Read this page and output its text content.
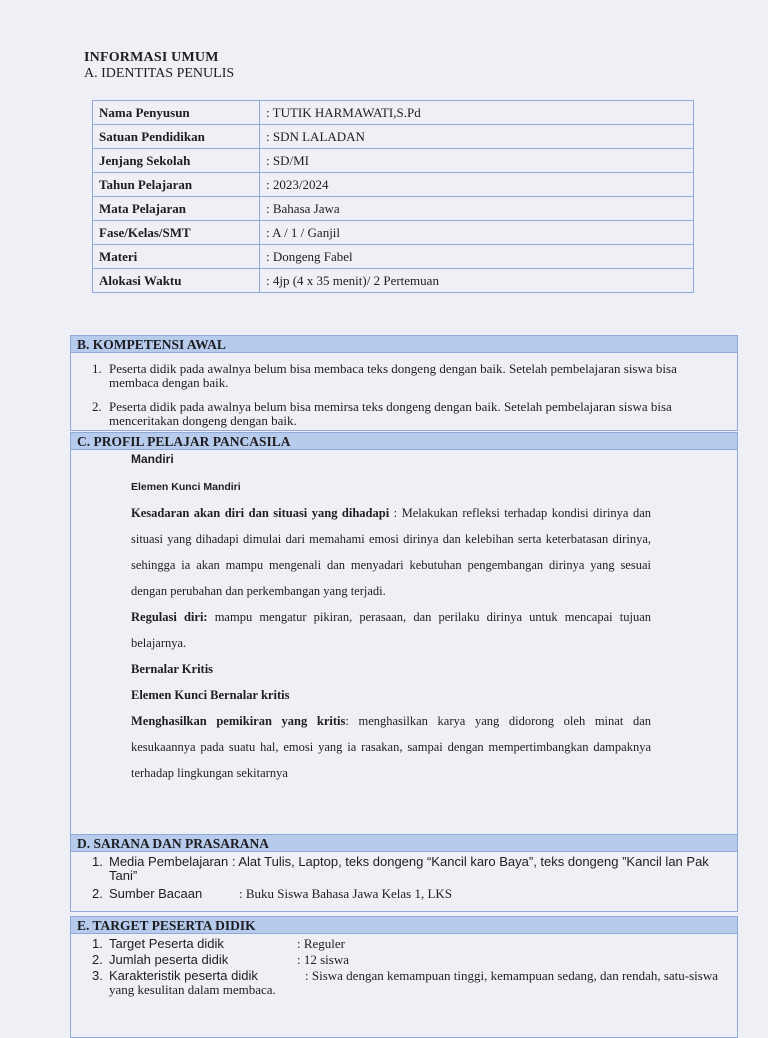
INFORMASI UMUM
A. IDENTITAS PENULIS
Nama Penyusun	: TUTIK HARMAWATI,S.Pd
Satuan Pendidikan	: SDN LALADAN
Jenjang Sekolah	: SD/MI
Tahun Pelajaran	: 2023/2024
Mata Pelajaran	: Bahasa Jawa
Fase/Kelas/SMT	: A / 1 / Ganjil
Materi	: Dongeng Fabel
Alokasi Waktu	: 4jp (4 x 35 menit)/ 2 Pertemuan
B. KOMPETENSI AWAL
1. Peserta didik pada awalnya belum bisa membaca teks dongeng dengan baik. Setelah pembelajaran siswa bisa membaca dengan baik.
2. Peserta didik pada awalnya belum bisa memirsa teks dongeng dengan baik. Setelah pembelajaran siswa bisa menceritakan dongeng dengan baik.
C. PROFIL PELAJAR PANCASILA

Mandiri

Elemen Kunci Mandiri

Kesadaran akan diri dan situasi yang dihadapi : Melakukan refleksi terhadap kondisi dirinya dan situasi yang dihadapi dimulai dari memahami emosi dirinya dan kelebihan serta keterbatasan dirinya, sehingga ia akan mampu mengenali dan menyadari kebutuhan pengembangan dirinya yang sesuai dengan perubahan dan perkembangan yang terjadi.

Regulasi diri: mampu mengatur pikiran, perasaan, dan perilaku dirinya untuk mencapai tujuan belajarnya.

Bernalar Kritis

Elemen Kunci Bernalar kritis

Menghasilkan pemikiran yang kritis: menghasilkan karya yang didorong oleh minat dan kesukaannya pada suatu hal, emosi yang ia rasakan, sampai dengan mempertimbangkan dampaknya terhadap lingkungan sekitarnya

D. SARANA DAN PRASARANA
1. Media Pembelajaran : Alat Tulis, Laptop, teks dongeng “Kancil karo Baya”, teks dongeng ”Kancil lan Pak Tani”
2. Sumber Bacaan	: Buku Siswa Bahasa Jawa Kelas 1, LKS
E. TARGET PESERTA DIDIK
1. Target Peserta didik	: Reguler
2. Jumlah peserta didik	: 12 siswa
3. Karakteristik peserta didik	: Siswa dengan kemampuan tinggi, kemampuan sedang, dan rendah, satu-siswa yang kesulitan dalam membaca.
